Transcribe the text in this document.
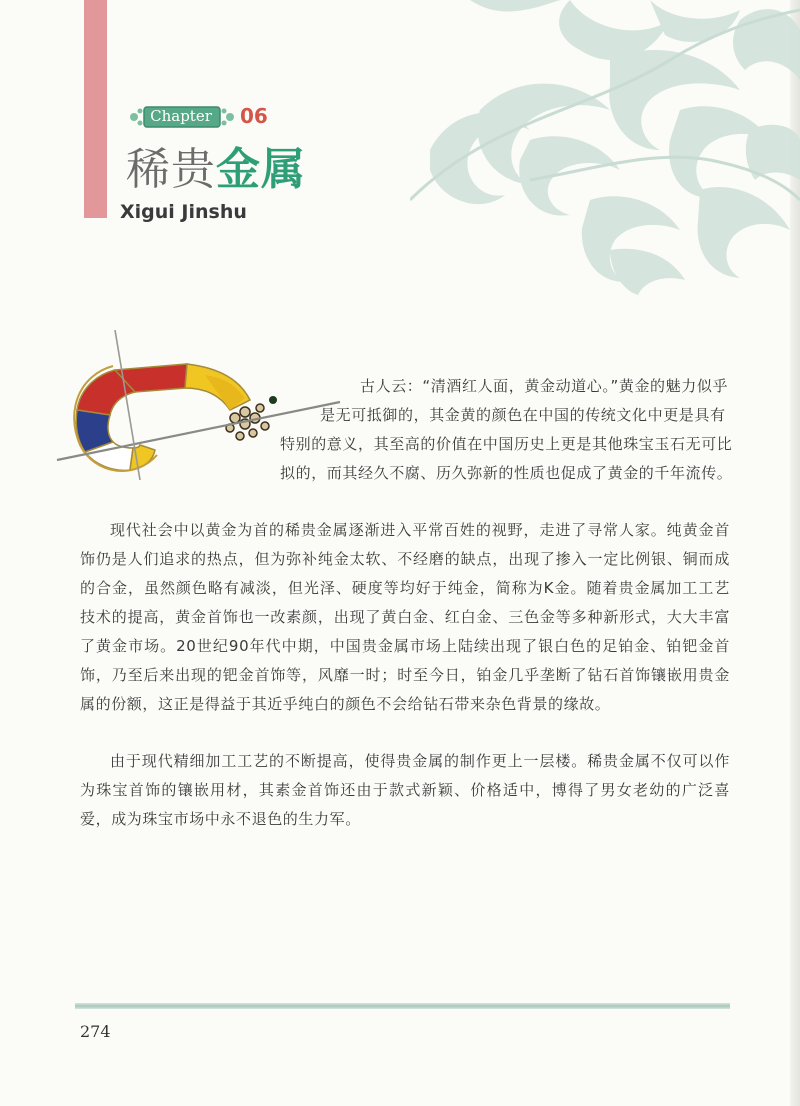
Chapter 06
稀贵金属
Xigui Jinshu
古人云：“清酒红人面，黄金动道心。”黄金的魅力似乎是无可抵御的，其金黄的颜色在中国的传统文化中更是具有特别的意义，其至高的价值在中国历史上更是其他珠宝玉石无可比拟的，而其经久不腐、历久弥新的性质也促成了黄金的千年流传。
现代社会中以黄金为首的稀贵金属逐渐进入平常百姓的视野，走进了寻常人家。纯黄金首饰仍是人们追求的热点，但为弥补纯金太软、不经磨的缺点，出现了掺入一定比例银、铜而成的合金，虽然颜色略有减淡，但光泽、硬度等均好于纯金，简称为K金。随着贵金属加工工艺技术的提高，黄金首饰也一改素颜，出现了黄白金、红白金、三色金等多种新形式，大大丰富了黄金市场。20世纪90年代中期，中国贵金属市场上陆续出现了银白色的足铂金、铂钯金首饰，乃至后来出现的钯金首饰等，风靡一时；时至今日，铂金几乎垄断了钻石首饰镶嵌用贵金属的份额，这正是得益于其近乎纯白的颜色不会给钻石带来杂色背景的缘故。
由于现代精细加工工艺的不断提高，使得贵金属的制作更上一层楼。稀贵金属不仅可以作为珠宝首饰的镶嵌用材，其素金首饰还由于款式新颖、价格适中，博得了男女老幼的广泛喜爱，成为珠宝市场中永不退色的生力军。
274
